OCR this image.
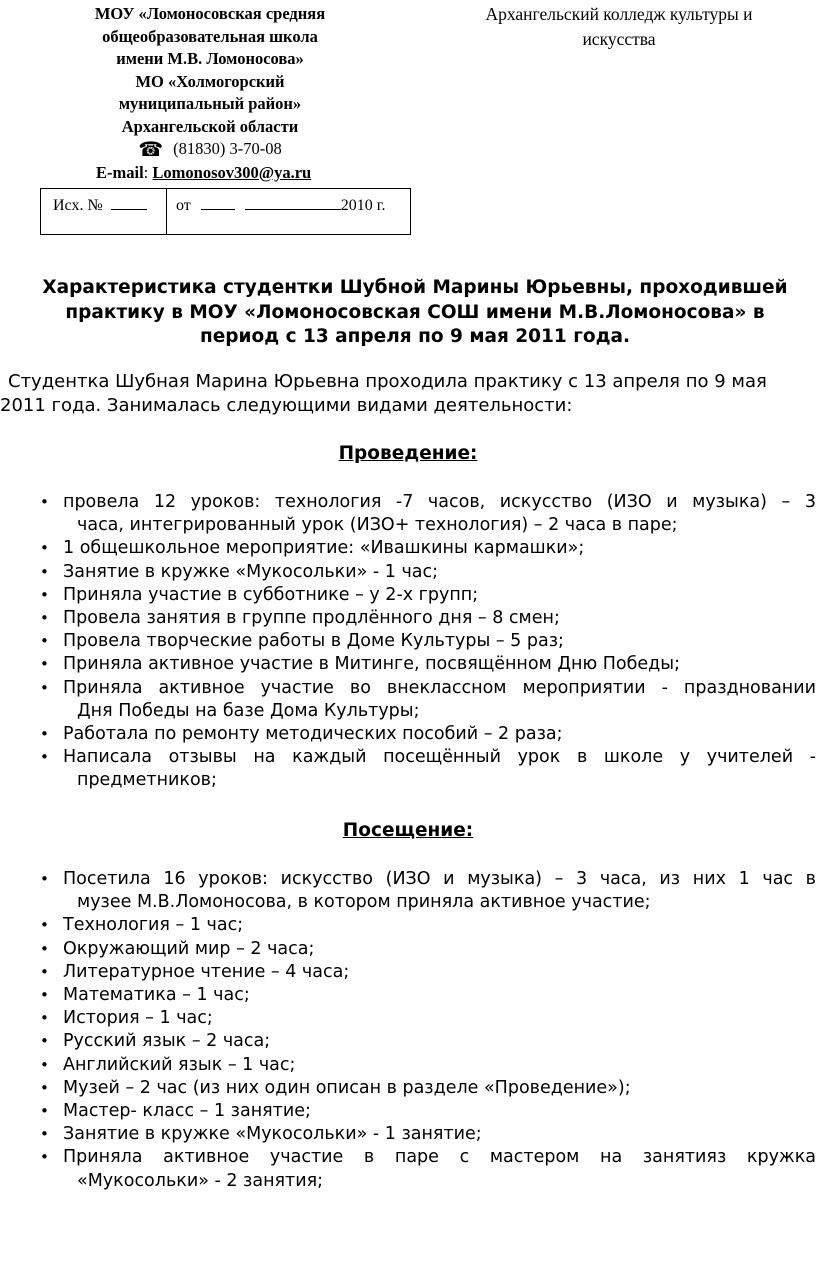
МОУ «Ломоносовская средняя
общеобразовательная школа
имени М.В. Ломоносова»
МО «Холмогорский
муниципальный район»
Архангельской области
☎ (81830) 3-70-08
E-mail: Lomonosov300@ya.ru
Архангельский колледж культуры и
искусства
Исх. №	от	2010 г.
Характеристика студентки Шубной Марины Юрьевны, проходившей
практику в МОУ «Ломоносовская СОШ имени М.В.Ломоносова» в
период с 13 апреля по 9 мая 2011 года.
Студентка Шубная Марина Юрьевна проходила практику с 13 апреля по 9 мая
2011 года. Занималась следующими видами деятельности:
Проведение:
• провела 12 уроков: технология -7 часов, искусство (ИЗО и музыка) – 3
часа, интегрированный урок (ИЗО+ технология) – 2 часа в паре;
• 1 общешкольное мероприятие: «Ивашкины кармашки»;
• Занятие в кружке «Мукосольки» - 1 час;
• Приняла участие в субботнике – у 2-х групп;
• Провела занятия в группе продлённого дня – 8 смен;
• Провела творческие работы в Доме Культуры – 5 раз;
• Приняла активное участие в Митинге, посвящённом Дню Победы;
• Приняла активное участие во внеклассном мероприятии - праздновании
Дня Победы на базе Дома Культуры;
• Работала по ремонту методических пособий – 2 раза;
• Написала отзывы на каждый посещённый урок в школе у учителей -
предметников;
Посещение:
• Посетила 16 уроков: искусство (ИЗО и музыка) – 3 часа, из них 1 час в
музее М.В.Ломоносова, в котором приняла активное участие;
• Технология – 1 час;
• Окружающий мир – 2 часа;
• Литературное чтение – 4 часа;
• Математика – 1 час;
• История – 1 час;
• Русский язык – 2 часа;
• Английский язык – 1 час;
• Музей – 2 час (из них один описан в разделе «Проведение»);
• Мастер- класс – 1 занятие;
• Занятие в кружке «Мукосольки» - 1 занятие;
• Приняла активное участие в паре с мастером на занятияз кружка
«Мукосольки» - 2 занятия;
